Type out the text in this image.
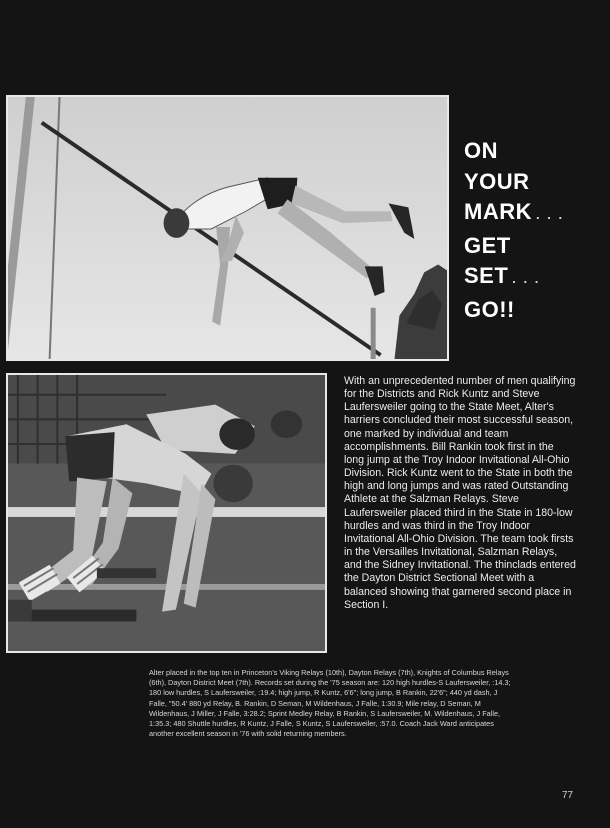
ON
YOUR
MARK . . .
GET
SET . . .
GO!!

With an unprecedented number of men qualifying for the Districts and Rick Kuntz and Steve Laufersweiler going to the State Meet, Alter's harriers concluded their most successful season, one marked by individual and team accomplishments. Bill Rankin took first in the long jump at the Troy Indoor Invitational All-Ohio Division. Rick Kuntz went to the State in both the high and long jumps and was rated Outstanding Athlete at the Salzman Relays. Steve Laufersweiler placed third in the State in 180-low hurdles and was third in the Troy Indoor Invitational All-Ohio Division. The team took firsts in the Versailles Invitational, Salzman Relays, and the Sidney Invitational. The thinclads entered the Dayton District Sectional Meet with a balanced showing that garnered second place in Section I.

Alter placed in the top ten in Princeton's Viking Relays (10th), Dayton Relays (7th), Knights of Columbus Relays (6th), Dayton District Meet (7th). Records set during the '75 season are: 120 high hurdles-S Laufersweiler, :14.3; 180 low hurdles, S Laufersweiler, :19.4; high jump, R Kuntz, 6'6"; long jump, B Rankin, 22'6"; 440 yd dash, J Falle, "50.4' 880 yd Relay, B. Rankin, D Seman, M Wildenhaus, J Falle, 1:30.9; Mile relay, D Seman, M Wildenhaus, J Miller, J Falle, 3:28.2; Sprint Medley Relay, B Rankin, S Laufersweiler, M. Wildenhaus, J Falle, 1:35.3; 480 Shuttle hurdles, R Kuntz, J Falle, S Kuntz, S Laufersweiler, :57.0. Coach Jack Ward anticipates another excellent season in '76 with solid returning members.

77
